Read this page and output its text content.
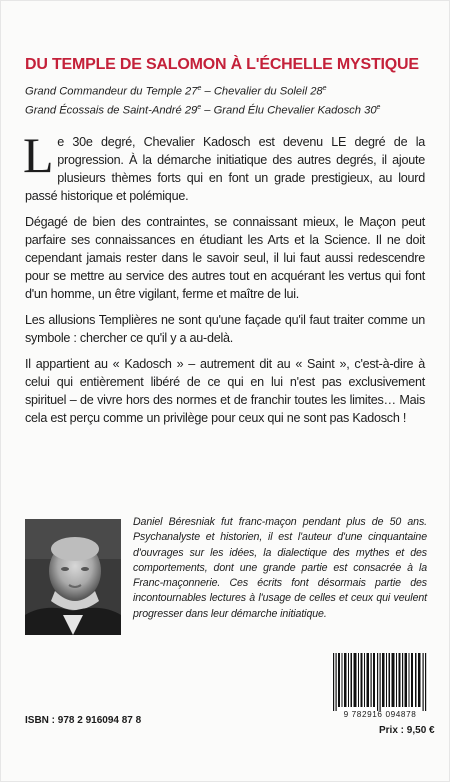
DU TEMPLE DE SALOMON À L'ÉCHELLE MYSTIQUE
Grand Commandeur du Temple 27e – Chevalier du Soleil 28e
Grand Écossais de Saint-André 29e – Grand Élu Chevalier Kadosch 30e

Le 30e degré, Chevalier Kadosch est devenu LE degré de la progression. À la démarche initiatique des autres degrés, il ajoute plusieurs thèmes forts qui en font un grade prestigieux, au lourd passé historique et polémique.

Dégagé de bien des contraintes, se connaissant mieux, le Maçon peut parfaire ses connaissances en étudiant les Arts et la Science. Il ne doit cependant jamais rester dans le savoir seul, il lui faut aussi redescendre pour se mettre au service des autres tout en acquérant les vertus qui font d'un homme, un être vigilant, ferme et maître de lui.

Les allusions Templières ne sont qu'une façade qu'il faut traiter comme un symbole : chercher ce qu'il y a au-delà.

Il appartient au « Kadosch » – autrement dit au « Saint », c'est-à-dire à celui qui entièrement libéré de ce qui en lui n'est pas exclusivement spirituel – de vivre hors des normes et de franchir toutes les limites… Mais cela est perçu comme un privilège pour ceux qui ne sont pas Kadosch !

Daniel Béresniak fut franc-maçon pendant plus de 50 ans. Psychanalyste et historien, il est l'auteur d'une cinquantaine d'ouvrages sur les idées, la dialectique des mythes et des comportements, dont une grande partie est consacrée à la Franc-maçonnerie. Ces écrits font désormais partie des incontournables lectures à l'usage de celles et ceux qui veulent progresser dans leur démarche initiatique.
9 782916 094878
ISBN : 978 2 916094 87 8
Prix : 9,50 €
